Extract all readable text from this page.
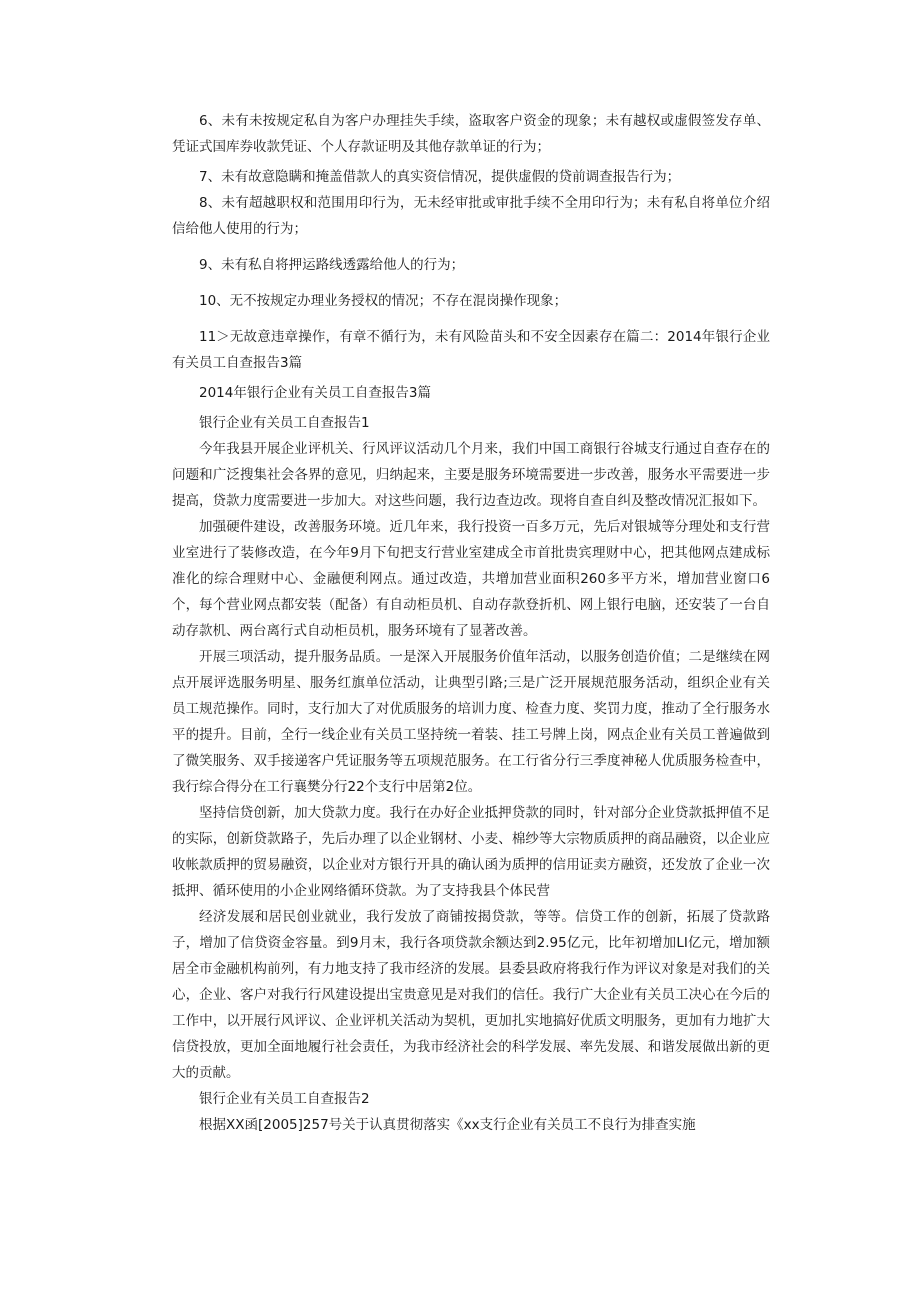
6、未有未按规定私自为客户办理挂失手续，盗取客户资金的现象；未有越权或虚假签发存单、凭证式国库券收款凭证、个人存款证明及其他存款单证的行为；

7、未有故意隐瞒和掩盖借款人的真实资信情况，提供虚假的贷前调查报告行为；

8、未有超越职权和范围用印行为，无未经审批或审批手续不全用印行为；未有私自将单位介绍信给他人使用的行为；

9、未有私自将押运路线透露给他人的行为；

10、无不按规定办理业务授权的情况；不存在混岗操作现象；

11＞无故意违章操作，有章不循行为，未有风险苗头和不安全因素存在篇二：2014年银行企业有关员工自查报告3篇

2014年银行企业有关员工自查报告3篇

银行企业有关员工自查报告1

今年我县开展企业评机关、行风评议活动几个月来，我们中国工商银行谷城支行通过自查存在的问题和广泛搜集社会各界的意见，归纳起来，主要是服务环境需要进一步改善，服务水平需要进一步提高，贷款力度需要进一步加大。对这些问题，我行边查边改。现将自查自纠及整改情况汇报如下。

加强硬件建设，改善服务环境。近几年来，我行投资一百多万元，先后对银城等分理处和支行营业室进行了装修改造，在今年9月下旬把支行营业室建成全市首批贵宾理财中心，把其他网点建成标准化的综合理财中心、金融便利网点。通过改造，共增加营业面积260多平方米，增加营业窗口6个，每个营业网点都安装（配备）有自动柜员机、自动存款登折机、网上银行电脑，还安装了一台自动存款机、两台离行式自动柜员机，服务环境有了显著改善。

开展三项活动，提升服务品质。一是深入开展服务价值年活动，以服务创造价值；二是继续在网点开展评选服务明星、服务红旗单位活动，让典型引路;三是广泛开展规范服务活动，组织企业有关员工规范操作。同时，支行加大了对优质服务的培训力度、检查力度、奖罚力度，推动了全行服务水平的提升。目前，全行一线企业有关员工坚持统一着装、挂工号牌上岗，网点企业有关员工普遍做到了微笑服务、双手接递客户凭证服务等五项规范服务。在工行省分行三季度神秘人优质服务检查中，我行综合得分在工行襄樊分行22个支行中居第2位。

坚持信贷创新，加大贷款力度。我行在办好企业抵押贷款的同时，针对部分企业贷款抵押值不足的实际，创新贷款路子，先后办理了以企业钢材、小麦、棉纱等大宗物质质押的商品融资，以企业应收帐款质押的贸易融资，以企业对方银行开具的确认函为质押的信用证卖方融资，还发放了企业一次抵押、循环使用的小企业网络循环贷款。为了支持我县个体民营

经济发展和居民创业就业，我行发放了商铺按揭贷款，等等。信贷工作的创新，拓展了贷款路子，增加了信贷资金容量。到9月末，我行各项贷款余额达到2.95亿元，比年初增加LI亿元，增加额居全市金融机构前列，有力地支持了我市经济的发展。县委县政府将我行作为评议对象是对我们的关心，企业、客户对我行行风建设提出宝贵意见是对我们的信任。我行广大企业有关员工决心在今后的工作中，以开展行风评议、企业评机关活动为契机，更加扎实地搞好优质文明服务，更加有力地扩大信贷投放，更加全面地履行社会责任，为我市经济社会的科学发展、率先发展、和谐发展做出新的更大的贡献。

银行企业有关员工自查报告2

根据XX函[2005]257号关于认真贯彻落实《xx支行企业有关员工不良行为排查实施
